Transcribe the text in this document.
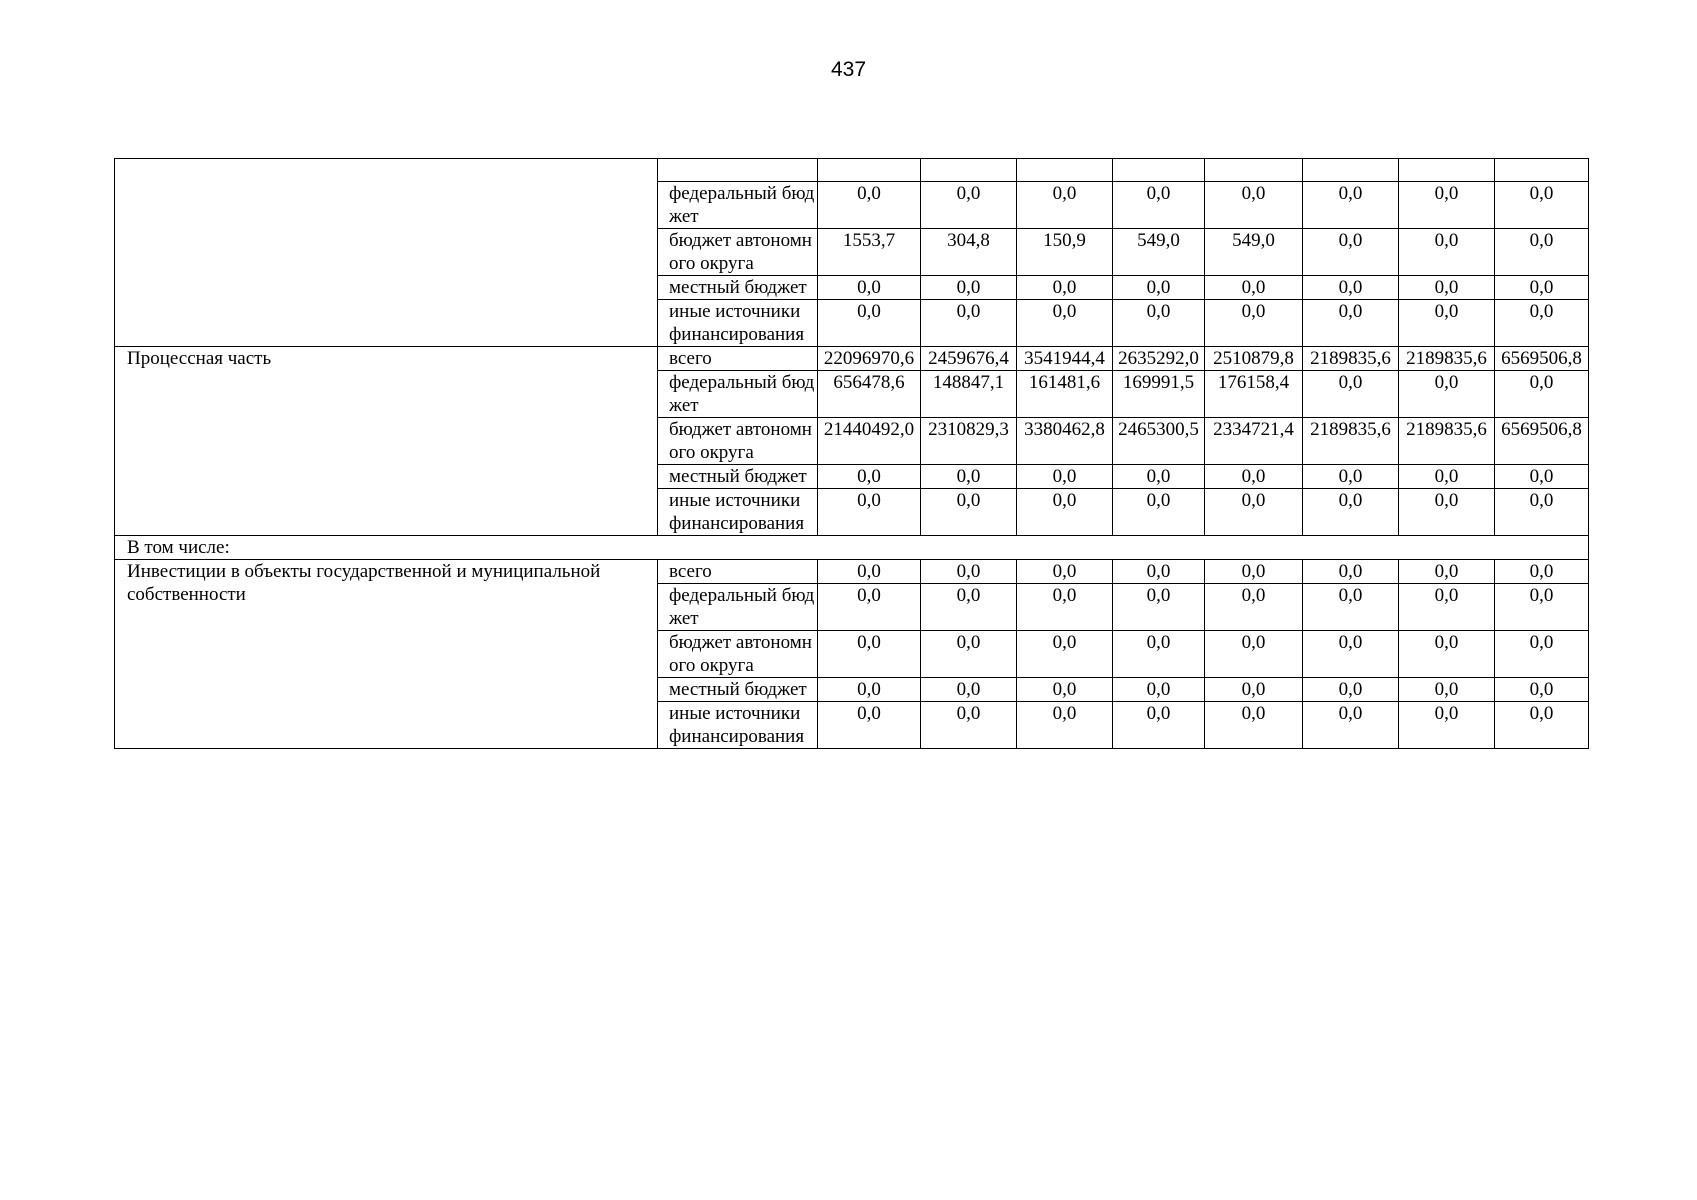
437

	федеральный бюджет	0,0	0,0	0,0	0,0	0,0	0,0	0,0	0,0
	бюджет автономного округа	1553,7	304,8	150,9	549,0	549,0	0,0	0,0	0,0
	местный бюджет	0,0	0,0	0,0	0,0	0,0	0,0	0,0	0,0
	иные источники финансирования	0,0	0,0	0,0	0,0	0,0	0,0	0,0	0,0
Процессная часть	всего	22096970,6	2459676,4	3541944,4	2635292,0	2510879,8	2189835,6	2189835,6	6569506,8
	федеральный бюджет	656478,6	148847,1	161481,6	169991,5	176158,4	0,0	0,0	0,0
	бюджет автономного округа	21440492,0	2310829,3	3380462,8	2465300,5	2334721,4	2189835,6	2189835,6	6569506,8
	местный бюджет	0,0	0,0	0,0	0,0	0,0	0,0	0,0	0,0
	иные источники финансирования	0,0	0,0	0,0	0,0	0,0	0,0	0,0	0,0
В том числе:									
Инвестиции в объекты государственной и муниципальной собственности	всего	0,0	0,0	0,0	0,0	0,0	0,0	0,0	0,0
	федеральный бюджет	0,0	0,0	0,0	0,0	0,0	0,0	0,0	0,0
	бюджет автономного округа	0,0	0,0	0,0	0,0	0,0	0,0	0,0	0,0
	местный бюджет	0,0	0,0	0,0	0,0	0,0	0,0	0,0	0,0
	иные источники финансирования	0,0	0,0	0,0	0,0	0,0	0,0	0,0	0,0
